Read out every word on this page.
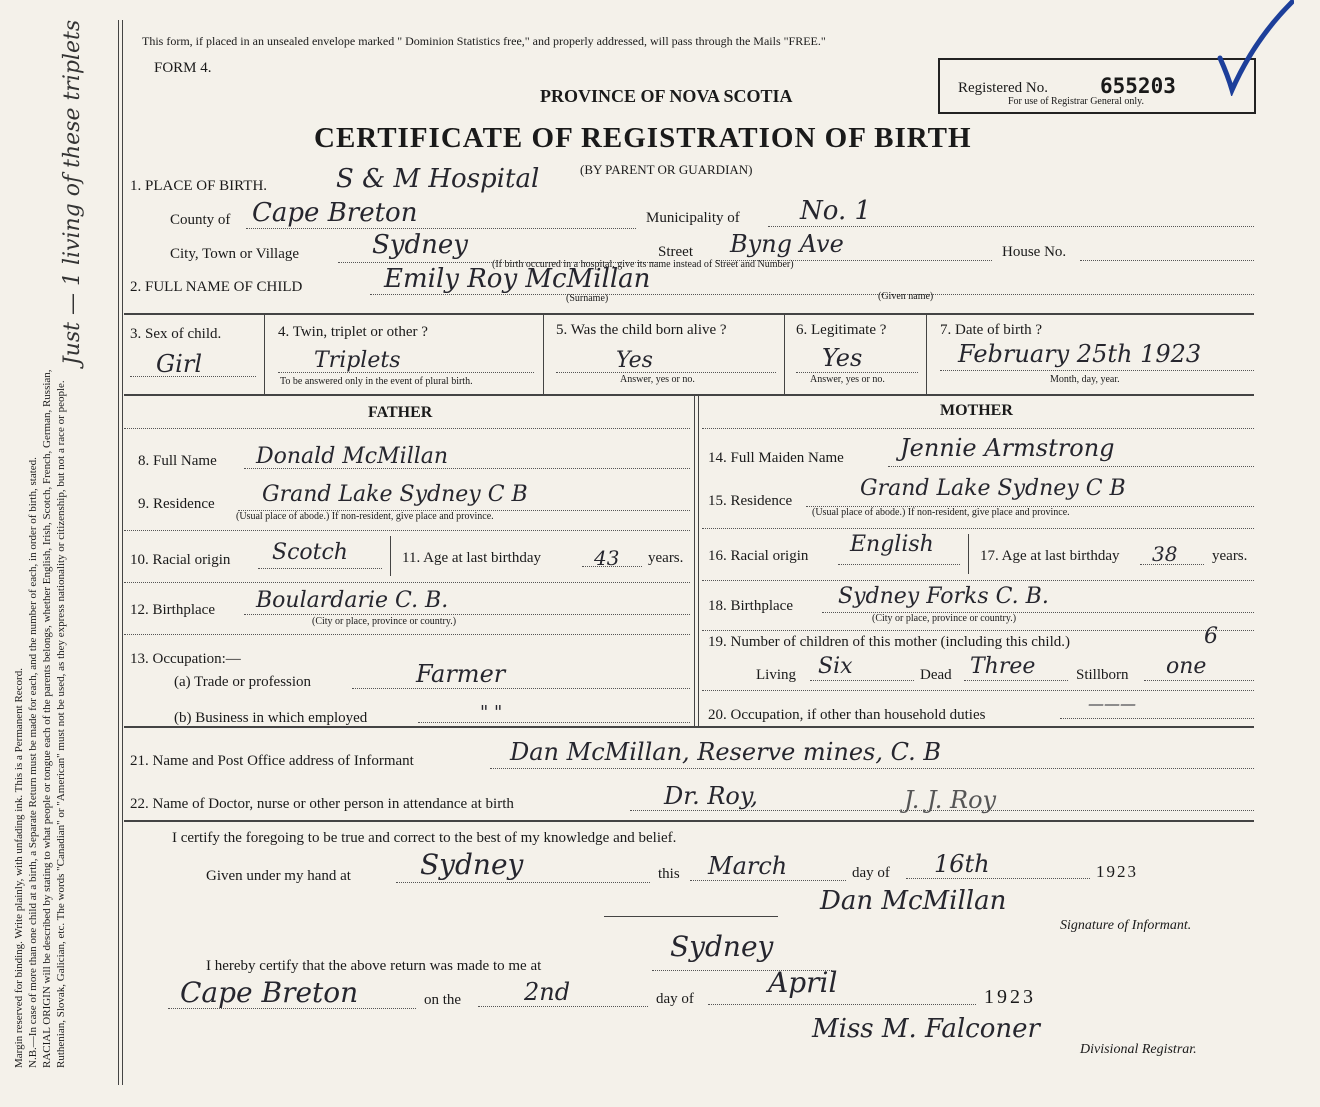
Margin reserved for binding. Write plainly, with unfading ink. This is a Permanent Record. N.B.—In case of more than one child at a birth, a Separate Return must be made for each, and the number of each, in order of birth, stated. RACIAL ORIGIN will be described by stating to what people or tongue each of the parents belongs, whether English, Irish, Scotch, French, German, Russian, Ruthenian, Slovak, Galician, etc. The words "Canadian" or "American" must not be used, as they express nationality or citizenship, but not a race or people.
Just — 1 living of these triplets	This form, if placed in an unsealed envelope marked " Dominion Statistics free," and properly addressed, will pass through the Mails "FREE."
FORM 4.
PROVINCE OF NOVA SCOTIA	Registered No. 655203
For use of Registrar General only.
CERTIFICATE OF REGISTRATION OF BIRTH
(BY PARENT OR GUARDIAN)
1. PLACE OF BIRTH.	S & M Hospital
County of Cape Breton	Municipality of No. 1
City, Town or Village	Sydney	Street Byng Ave	House No.
(If birth occurred in a hospital, give its name instead of Street and Number)
2. FULL NAME OF CHILD	Emily Roy McMillan
(Surname)	(Given name)
3. Sex of child.
Girl
4. Twin, triplet or other ?
Triplets
To be answered only in the event of plural birth.
5. Was the child born alive ?
Yes
Answer, yes or no.
6. Legitimate ?
Yes
Answer, yes or no.
7. Date of birth ?
February 25th 1923
Month, day, year.
FATHER	MOTHER
8. Full Name Donald McMillan
9. Residence Grand Lake Sydney C B
(Usual place of abode.) If non-resident, give place and province.
10. Racial origin Scotch	11. Age at last birthday	43 years.
12. Birthplace Boulardarie C. B.
(City or place, province or country.)
13. Occupation:—
(a) Trade or profession	Farmer
(b) Business in which employed	" "
14. Full Maiden Name Jennie Armstrong
15. Residence	Grand Lake Sydney C B
(Usual place of abode.) If non-resident, give place and province.
16. Racial origin English	17. Age at last birthday 38 years.
18. Birthplace Sydney Forks C. B.
(City or place, province or country.)
19. Number of children of this mother (including this child.)	6
Living Six	Dead Three	Stillborn one
20. Occupation, if other than household duties
———
21. Name and Post Office address of Informant	Dan McMillan, Reserve mines, C. B
22. Name of Doctor, nurse or other person in attendance at birth	Dr. Roy,	J. J. Roy
I certify the foregoing to be true and correct to the best of my knowledge and belief.
Given under my hand at Sydney	this March	day of 16th	1923
Dan McMillan
Signature of Informant.
I hereby certify that the above return was made to me at
Sydney
Cape Breton	on the	2nd	day of	April	1923
Miss M. Falconer
Divisional Registrar.
